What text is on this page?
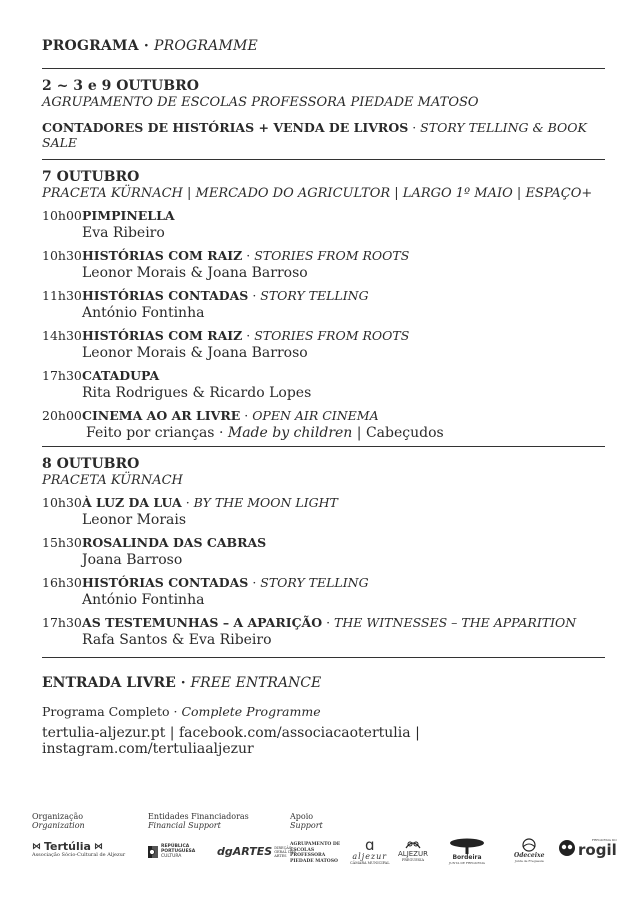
PROGRAMA · PROGRAMME
2 ~ 3 e 9 OUTUBRO
AGRUPAMENTO DE ESCOLAS PROFESSORA PIEDADE MATOSO
CONTADORES DE HISTÓRIAS + VENDA DE LIVROS · STORY TELLING & BOOK SALE
7 OUTUBRO
PRACETA KÜRNACH | MERCADO DO AGRICULTOR | LARGO 1º MAIO | ESPAÇO+
10h00 PIMPINELLA
Eva Ribeiro
10h30 HISTÓRIAS COM RAIZ · STORIES FROM ROOTS
Leonor Morais & Joana Barroso
11h30 HISTÓRIAS CONTADAS · STORY TELLING
António Fontinha
14h30 HISTÓRIAS COM RAIZ · STORIES FROM ROOTS
Leonor Morais & Joana Barroso
17h30 CATADUPA
Rita Rodrigues & Ricardo Lopes
20h00 CINEMA AO AR LIVRE · OPEN AIR CINEMA
Feito por crianças · Made by children | Cabeçudos
8 OUTUBRO
PRACETA KÜRNACH
10h30 À LUZ DA LUA · BY THE MOON LIGHT
Leonor Morais
15h30 ROSALINDA DAS CABRAS
Joana Barroso
16h30 HISTÓRIAS CONTADAS · STORY TELLING
António Fontinha
17h30 AS TESTEMUNHAS – A APARIÇÃO · THE WITNESSES – THE APPARITION
Rafa Santos & Eva Ribeiro
ENTRADA LIVRE · FREE ENTRANCE
Programa Completo · Complete Programme
tertulia-aljezur.pt | facebook.com/associacaotertulia | instagram.com/tertuliaaljezur
Organização
Organization
Entidades Financiadoras
Financial Support
Apoio
Support
⋈ Tertúlia ⋈
Associação Sócio-Cultural de Aljezur
REPÚBLICA
PORTUGUESA
CULTURA	dgARTES DIREÇÃO-GERAL DAS ARTES
AGRUPAMENTO DE ESCOLAS PROFESSORA PIEDADE MATOSO
ɑ
aljezur
CÂMARA MUNICIPAL
ALJEZUR
FREGUESIA	Bordeira
JUNTA DE FREGUESIA
Odeceixe
Junta de Freguesia
FREGUESIA DO
rogil
